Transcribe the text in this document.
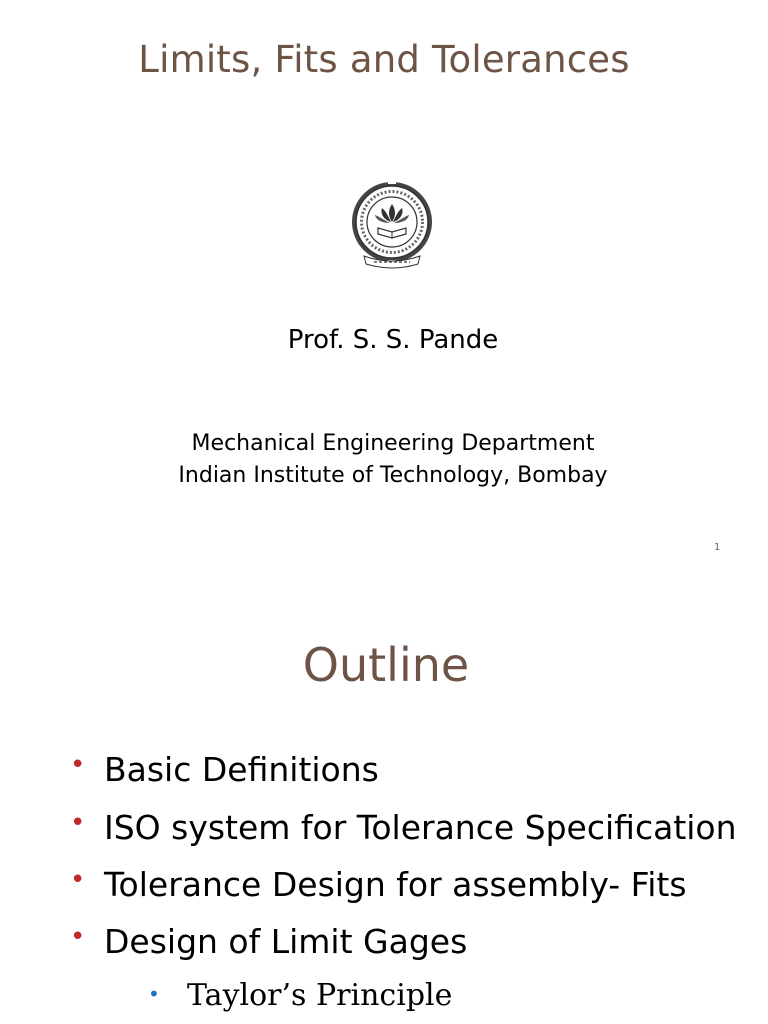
Limits, Fits and Tolerances
Prof. S. S. Pande
Mechanical Engineering Department
Indian Institute of Technology, Bombay
1
Outline
• Basic Definitions
• ISO system for Tolerance Specification
• Tolerance Design for assembly- Fits
• Design of Limit Gages
• Taylor’s Principle
